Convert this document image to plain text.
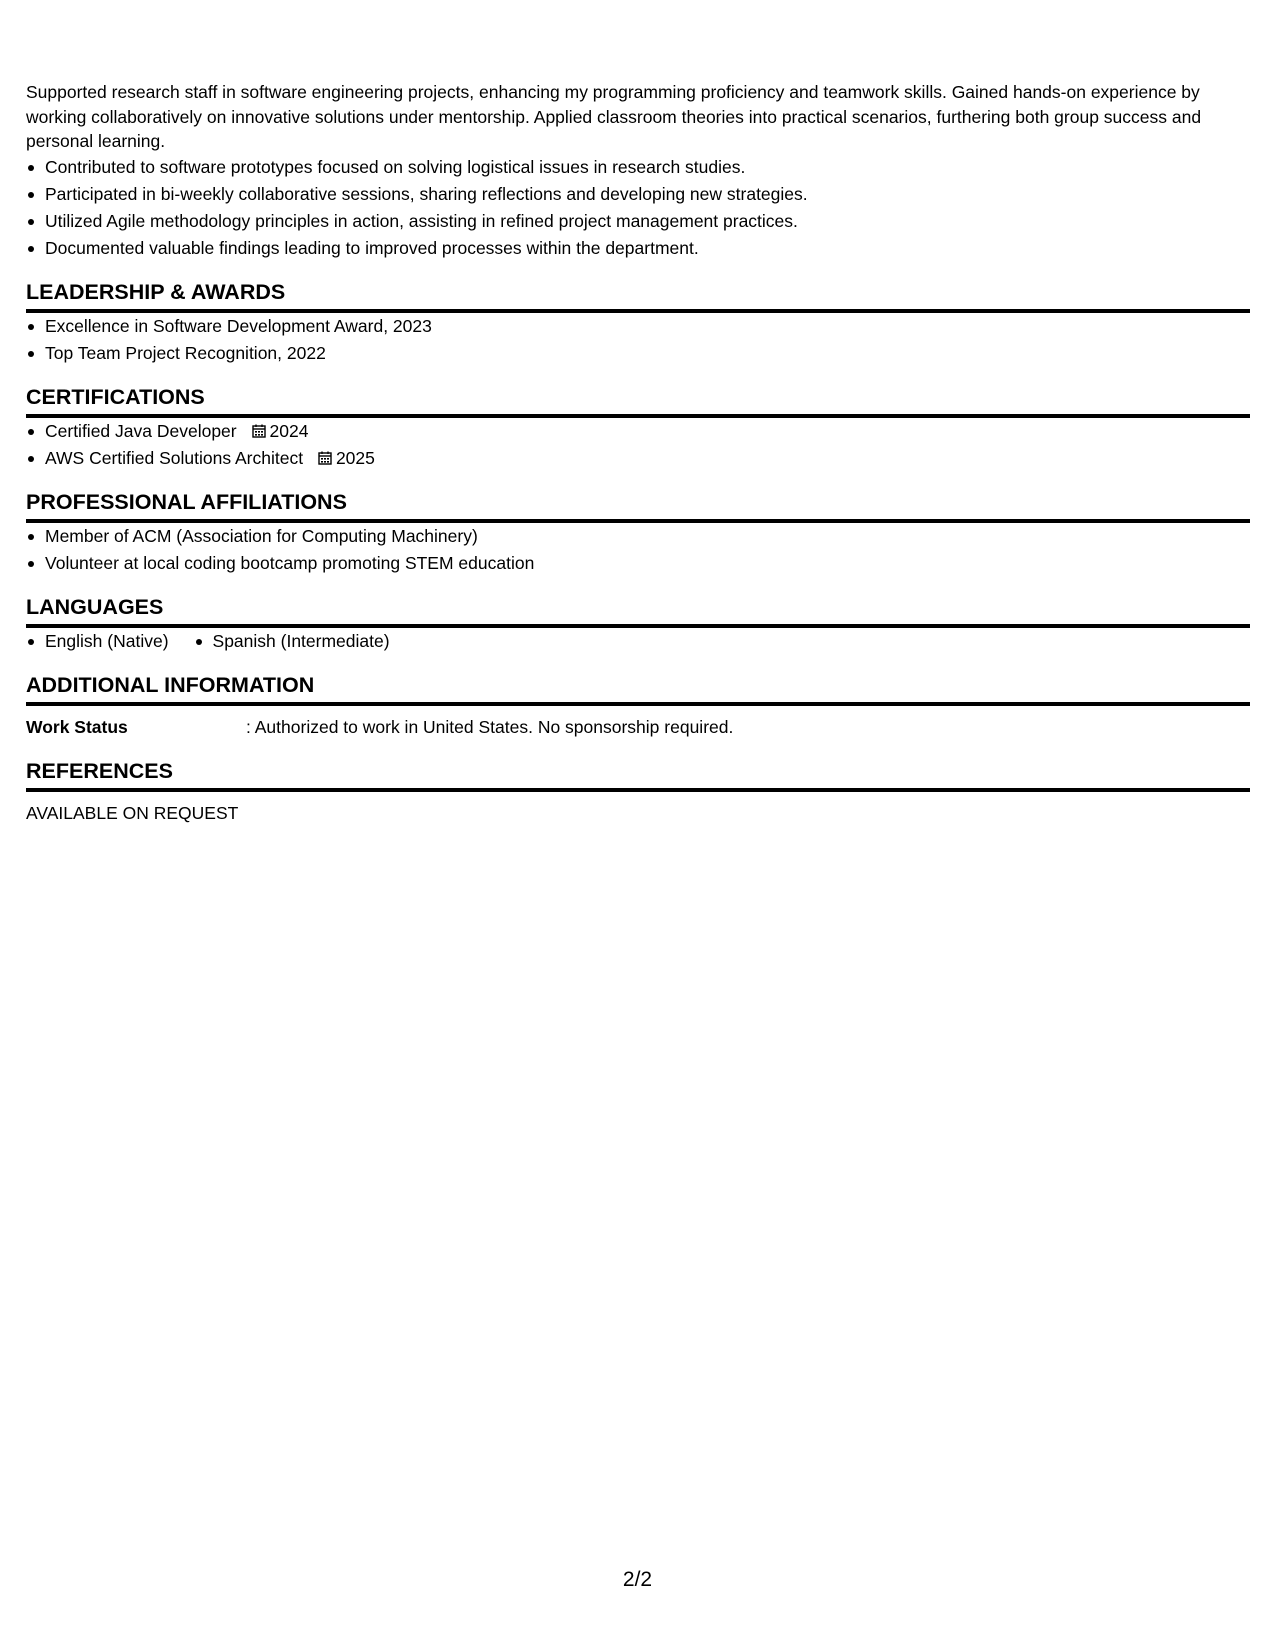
Supported research staff in software engineering projects, enhancing my programming proficiency and teamwork skills. Gained hands-on experience by working collaboratively on innovative solutions under mentorship. Applied classroom theories into practical scenarios, furthering both group success and personal learning.

Contributed to software prototypes focused on solving logistical issues in research studies.
Participated in bi-weekly collaborative sessions, sharing reflections and developing new strategies.
Utilized Agile methodology principles in action, assisting in refined project management practices.
Documented valuable findings leading to improved processes within the department.
LEADERSHIP & AWARDS
Excellence in Software Development Award, 2023
Top Team Project Recognition, 2022
CERTIFICATIONS
Certified Java Developer 2024
AWS Certified Solutions Architect 2025
PROFESSIONAL AFFILIATIONS
Member of ACM (Association for Computing Machinery)
Volunteer at local coding bootcamp promoting STEM education
LANGUAGES
English (Native)	Spanish (Intermediate)
ADDITIONAL INFORMATION
Work Status	: Authorized to work in United States. No sponsorship required.
REFERENCES
AVAILABLE ON REQUEST
2/2
